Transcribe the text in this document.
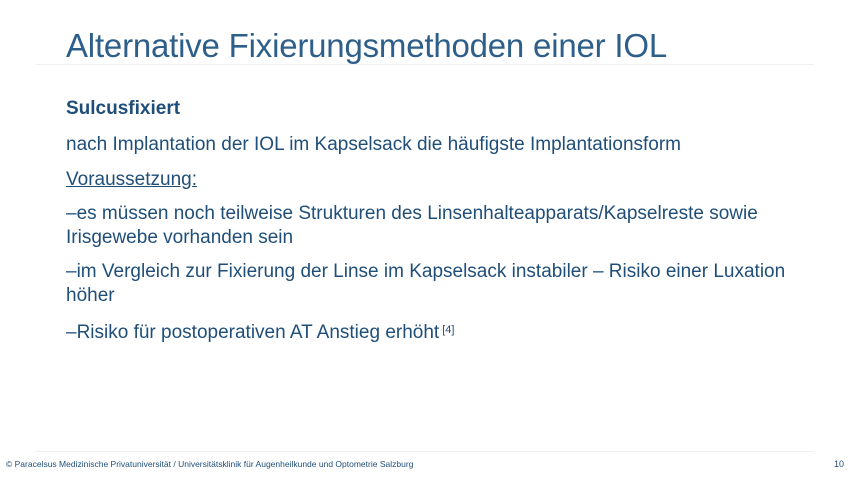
Alternative Fixierungsmethoden einer IOL

Sulcusfixiert

nach Implantation der IOL im Kapselsack die häufigste Implantationsform

Voraussetzung:

–es müssen noch teilweise Strukturen des Linsenhalteapparats/Kapselreste sowie Irisgewebe vorhanden sein

–im Vergleich zur Fixierung der Linse im Kapselsack instabiler – Risiko einer Luxation höher

–Risiko für postoperativen AT Anstieg erhöht [4]

© Paracelsus Medizinische Privatuniversität / Universitätsklinik für Augenheilkunde und Optometrie Salzburg	10
